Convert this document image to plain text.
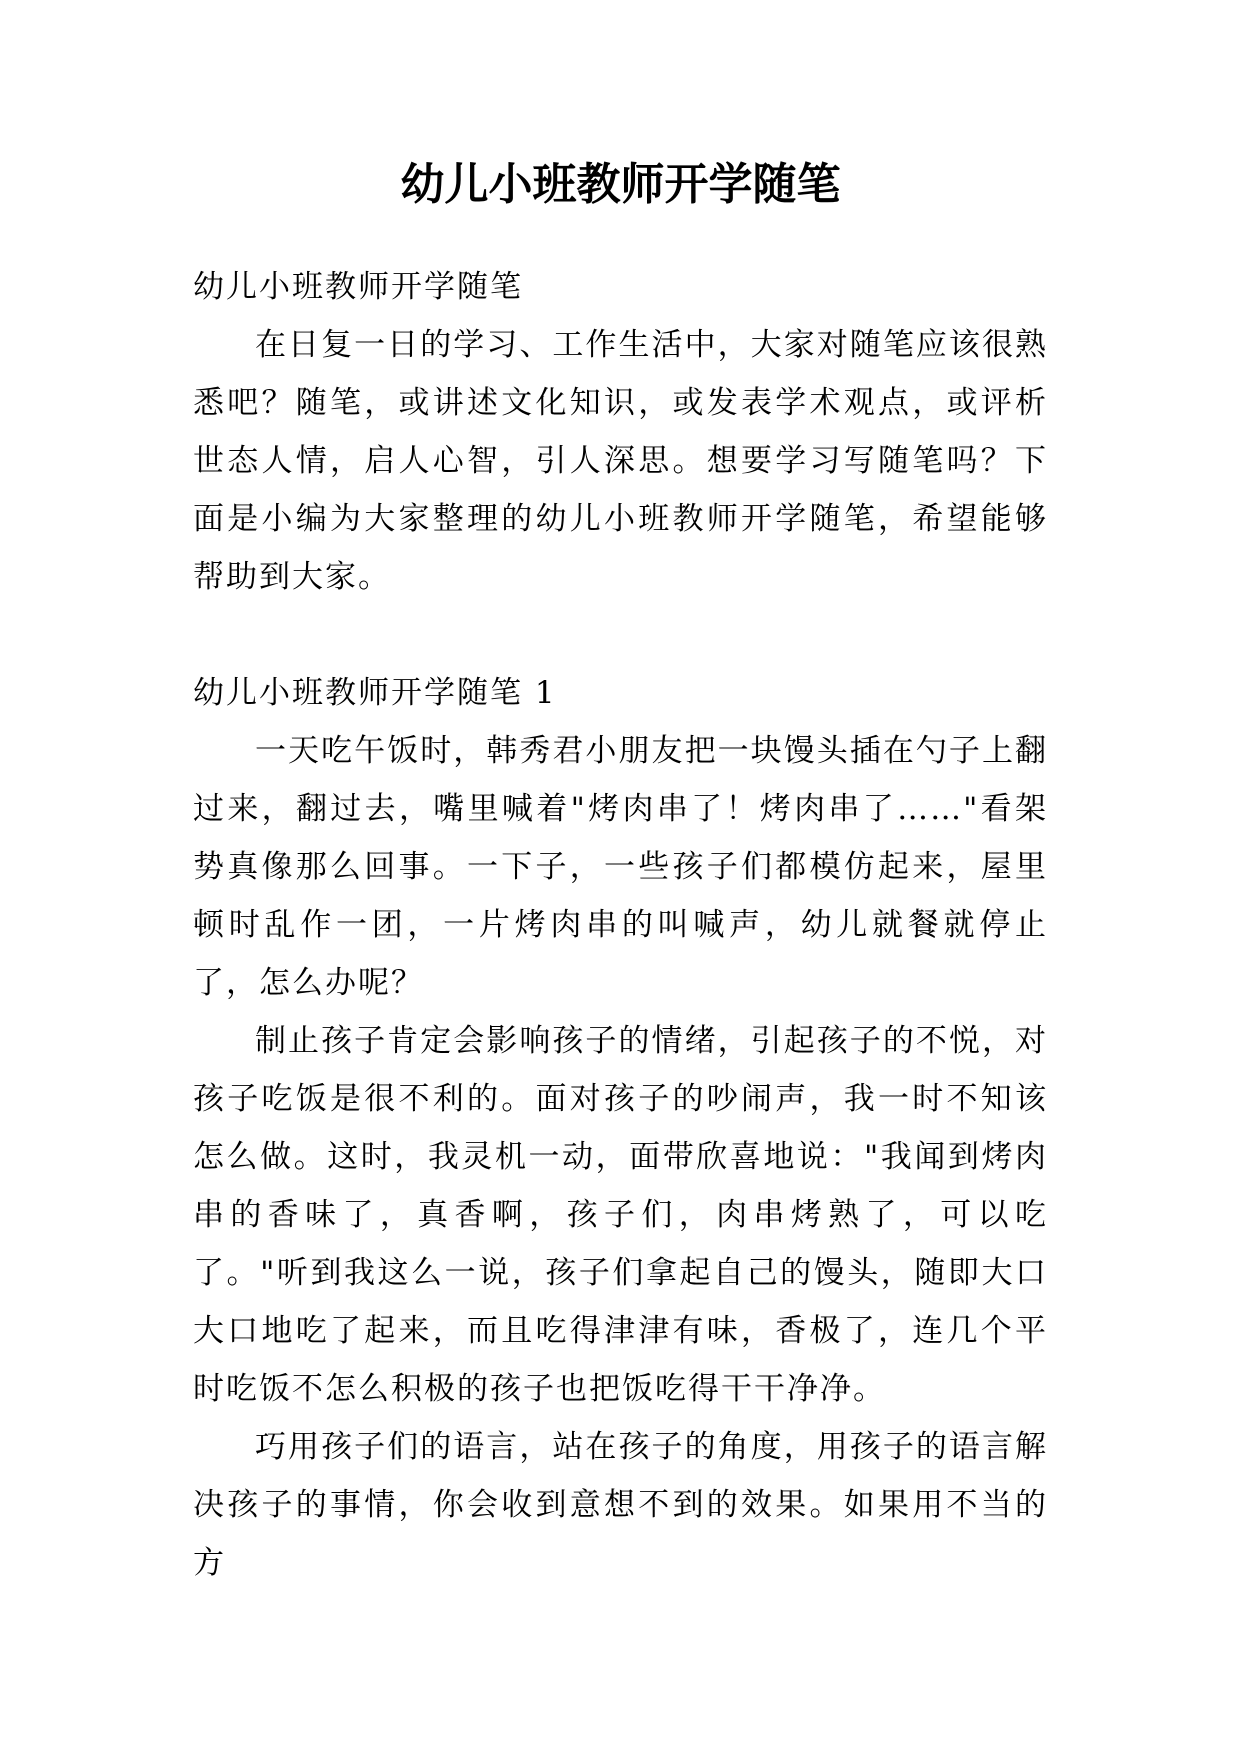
幼儿小班教师开学随笔
幼儿小班教师开学随笔

在日复一日的学习、工作生活中，大家对随笔应该很熟悉吧？随笔，或讲述文化知识，或发表学术观点，或评析世态人情，启人心智，引人深思。想要学习写随笔吗？下面是小编为大家整理的幼儿小班教师开学随笔，希望能够帮助到大家。

幼儿小班教师开学随笔 1

一天吃午饭时，韩秀君小朋友把一块馒头插在勺子上翻过来，翻过去，嘴里喊着"烤肉串了！烤肉串了……"看架势真像那么回事。一下子，一些孩子们都模仿起来，屋里顿时乱作一团，一片烤肉串的叫喊声，幼儿就餐就停止了，怎么办呢？

制止孩子肯定会影响孩子的情绪，引起孩子的不悦，对孩子吃饭是很不利的。面对孩子的吵闹声，我一时不知该怎么做。这时，我灵机一动，面带欣喜地说："我闻到烤肉串的香味了，真香啊，孩子们，肉串烤熟了，可以吃了。"听到我这么一说，孩子们拿起自己的馒头，随即大口大口地吃了起来，而且吃得津津有味，香极了，连几个平时吃饭不怎么积极的孩子也把饭吃得干干净净。

巧用孩子们的语言，站在孩子的角度，用孩子的语言解决孩子的事情，你会收到意想不到的效果。如果用不当的方
